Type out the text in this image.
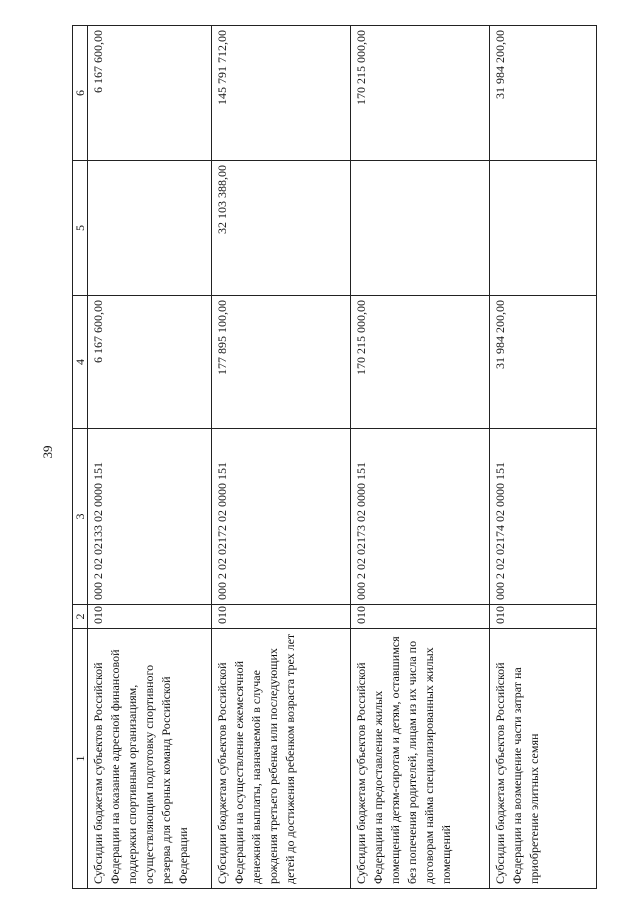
39
1	2	3	4	5	6
Субсидии бюджетам субъектов Российской Федерации на оказание адресной финансовой поддержки спортивным организациям, осуществляющим подготовку спортивного резерва для сборных команд Российской Федерации	010	000 2 02 02133 02 0000 151	6 167 600,00		6 167 600,00
Субсидии бюджетам субъектов Российской Федерации на осуществление ежемесячной денежной выплаты, назначаемой в случае рождения третьего ребенка или последующих детей до достижения ребенком возраста трех лет	010	000 2 02 02172 02 0000 151	177 895 100,00	32 103 388,00	145 791 712,00
Субсидии бюджетам субъектов Российской Федерации на предоставление жилых помещений детям-сиротам и детям, оставшимся без попечения родителей, лицам из их числа по договорам найма специализированных жилых помещений	010	000 2 02 02173 02 0000 151	170 215 000,00		170 215 000,00
Субсидии бюджетам субъектов Российской Федерации на возмещение части затрат на приобретение элитных семян	010	000 2 02 02174 02 0000 151	31 984 200,00		31 984 200,00
